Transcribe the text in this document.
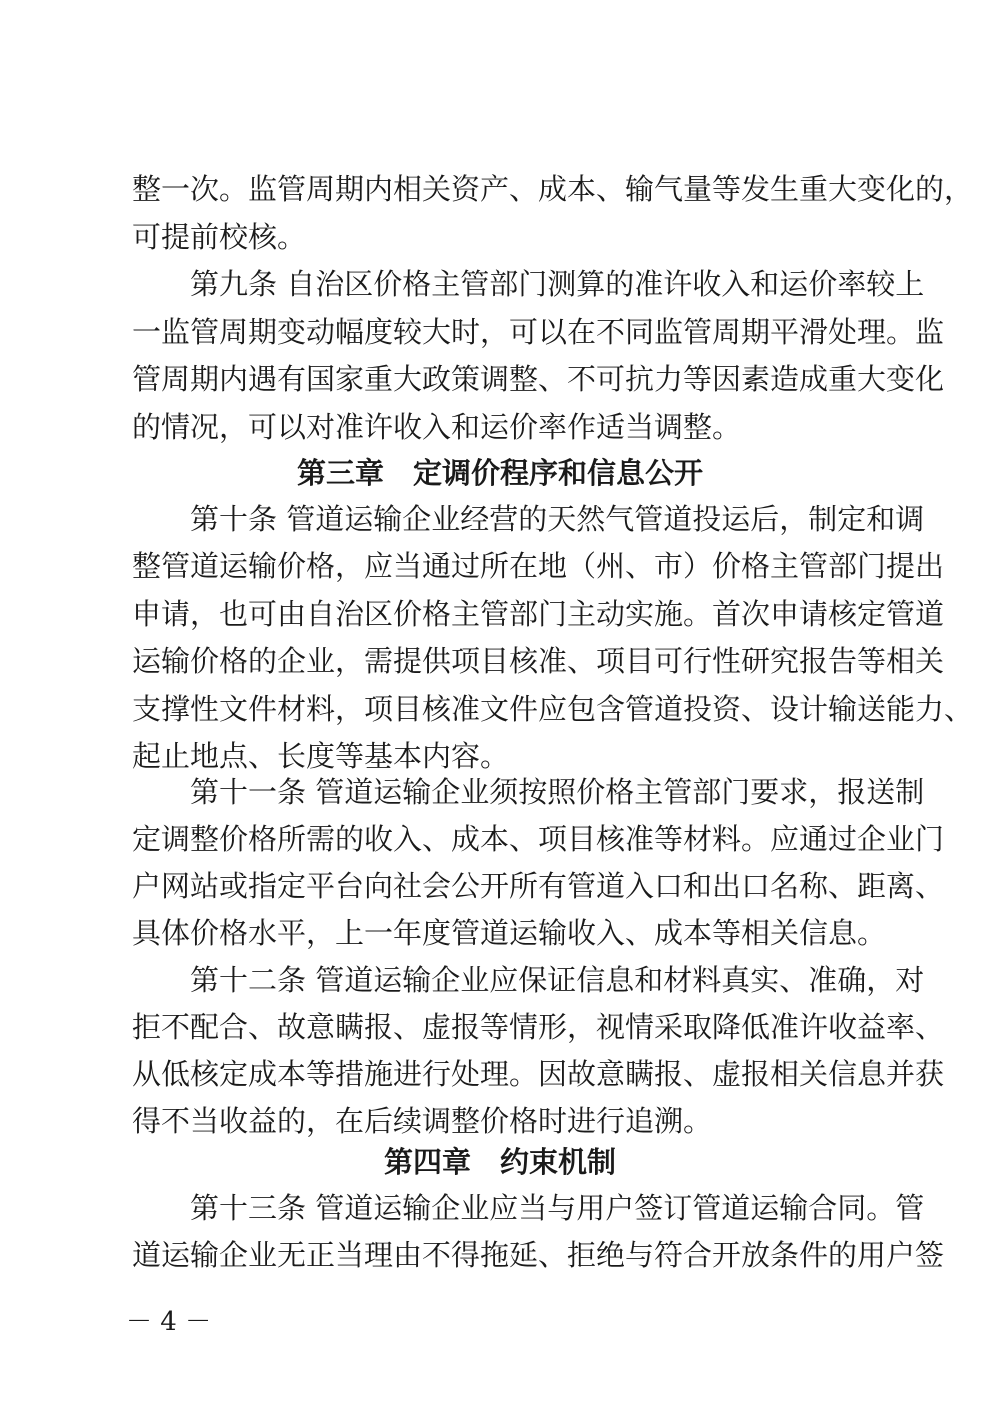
整一次。监管周期内相关资产、成本、输气量等发生重大变化的，
可提前校核。
第九条 自治区价格主管部门测算的准许收入和运价率较上
一监管周期变动幅度较大时，可以在不同监管周期平滑处理。监
管周期内遇有国家重大政策调整、不可抗力等因素造成重大变化
的情况，可以对准许收入和运价率作适当调整。
第三章　定调价程序和信息公开
第十条 管道运输企业经营的天然气管道投运后，制定和调
整管道运输价格，应当通过所在地（州、市）价格主管部门提出
申请，也可由自治区价格主管部门主动实施。首次申请核定管道
运输价格的企业，需提供项目核准、项目可行性研究报告等相关
支撑性文件材料，项目核准文件应包含管道投资、设计输送能力、
起止地点、长度等基本内容。
第十一条 管道运输企业须按照价格主管部门要求，报送制
定调整价格所需的收入、成本、项目核准等材料。应通过企业门
户网站或指定平台向社会公开所有管道入口和出口名称、距离、
具体价格水平，上一年度管道运输收入、成本等相关信息。
第十二条 管道运输企业应保证信息和材料真实、准确，对
拒不配合、故意瞒报、虚报等情形，视情采取降低准许收益率、
从低核定成本等措施进行处理。因故意瞒报、虚报相关信息并获
得不当收益的，在后续调整价格时进行追溯。
第四章　约束机制
第十三条 管道运输企业应当与用户签订管道运输合同。管
道运输企业无正当理由不得拖延、拒绝与符合开放条件的用户签
－ 4 －
